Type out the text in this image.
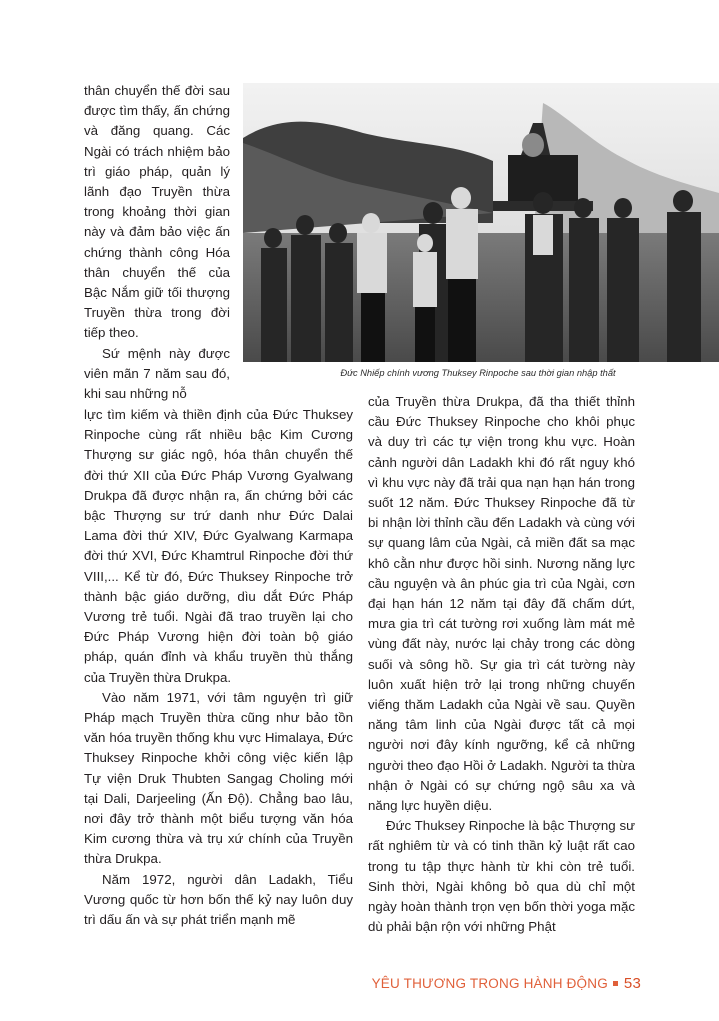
thân chuyển thế đời sau được tìm thấy, ấn chứng và đăng quang. Các Ngài có trách nhiệm bảo trì giáo pháp, quản lý lãnh đạo Truyền thừa trong khoảng thời gian này và đảm bảo việc ấn chứng thành công Hóa thân chuyển thế của Bậc Nắm giữ tối thượng Truyền thừa trong đời tiếp theo.

Sứ mệnh này được viên mãn 7 năm sau đó, khi sau những nỗ

Đức Nhiếp chính vương Thuksey Rinpoche sau thời gian nhập thất

lực tìm kiếm và thiền định của Đức Thuksey Rinpoche cùng rất nhiều bậc Kim Cương Thượng sư giác ngộ, hóa thân chuyển thế đời thứ XII của Đức Pháp Vương Gyalwang Drukpa đã được nhận ra, ấn chứng bởi các bậc Thượng sư trứ danh như Đức Dalai Lama đời thứ XIV, Đức Gyalwang Karmapa đời thứ XVI, Đức Khamtrul Rinpoche đời thứ VIII,... Kể từ đó, Đức Thuksey Rinpoche trở thành bậc giáo dưỡng, dìu dắt Đức Pháp Vương trẻ tuổi. Ngài đã trao truyền lại cho Đức Pháp Vương hiện đời toàn bộ giáo pháp, quán đỉnh và khẩu truyền thù thắng của Truyền thừa Drukpa.

Vào năm 1971, với tâm nguyện trì giữ Pháp mạch Truyền thừa cũng như bảo tồn văn hóa truyền thống khu vực Himalaya, Đức Thuksey Rinpoche khởi công việc kiến lập Tự viện Druk Thubten Sangag Choling mới tại Dali, Darjeeling (Ấn Độ). Chẳng bao lâu, nơi đây trở thành một biểu tượng văn hóa Kim cương thừa và trụ xứ chính của Truyền thừa Drukpa.

Năm 1972, người dân Ladakh, Tiểu Vương quốc từ hơn bốn thế kỷ nay luôn duy trì dấu ấn và sự phát triển mạnh mẽ

của Truyền thừa Drukpa, đã tha thiết thỉnh cầu Đức Thuksey Rinpoche cho khôi phục và duy trì các tự viện trong khu vực. Hoàn cảnh người dân Ladakh khi đó rất nguy khó vì khu vực này đã trải qua nạn hạn hán trong suốt 12 năm. Đức Thuksey Rinpoche đã từ bi nhận lời thỉnh cầu đến Ladakh và cùng với sự quang lâm của Ngài, cả miền đất sa mạc khô cằn như được hồi sinh. Nương năng lực cầu nguyện và ân phúc gia trì của Ngài, cơn đại hạn hán 12 năm tại đây đã chấm dứt, mưa gia trì cát tường rơi xuống làm mát mẻ vùng đất này, nước lại chảy trong các dòng suối và sông hồ. Sự gia trì cát tường này luôn xuất hiện trở lại trong những chuyến viếng thăm Ladakh của Ngài về sau. Quyền năng tâm linh của Ngài được tất cả mọi người nơi đây kính ngưỡng, kể cả những người theo đạo Hồi ở Ladakh. Người ta thừa nhận ở Ngài có sự chứng ngộ sâu xa và năng lực huyền diệu.

Đức Thuksey Rinpoche là bậc Thượng sư rất nghiêm từ và có tinh thần kỷ luật rất cao trong tu tập thực hành từ khi còn trẻ tuổi. Sinh thời, Ngài không bỏ qua dù chỉ một ngày hoàn thành trọn vẹn bốn thời yoga mặc dù phải bận rộn với những Phật

YÊU THƯƠNG TRONG HÀNH ĐỘNG 53
